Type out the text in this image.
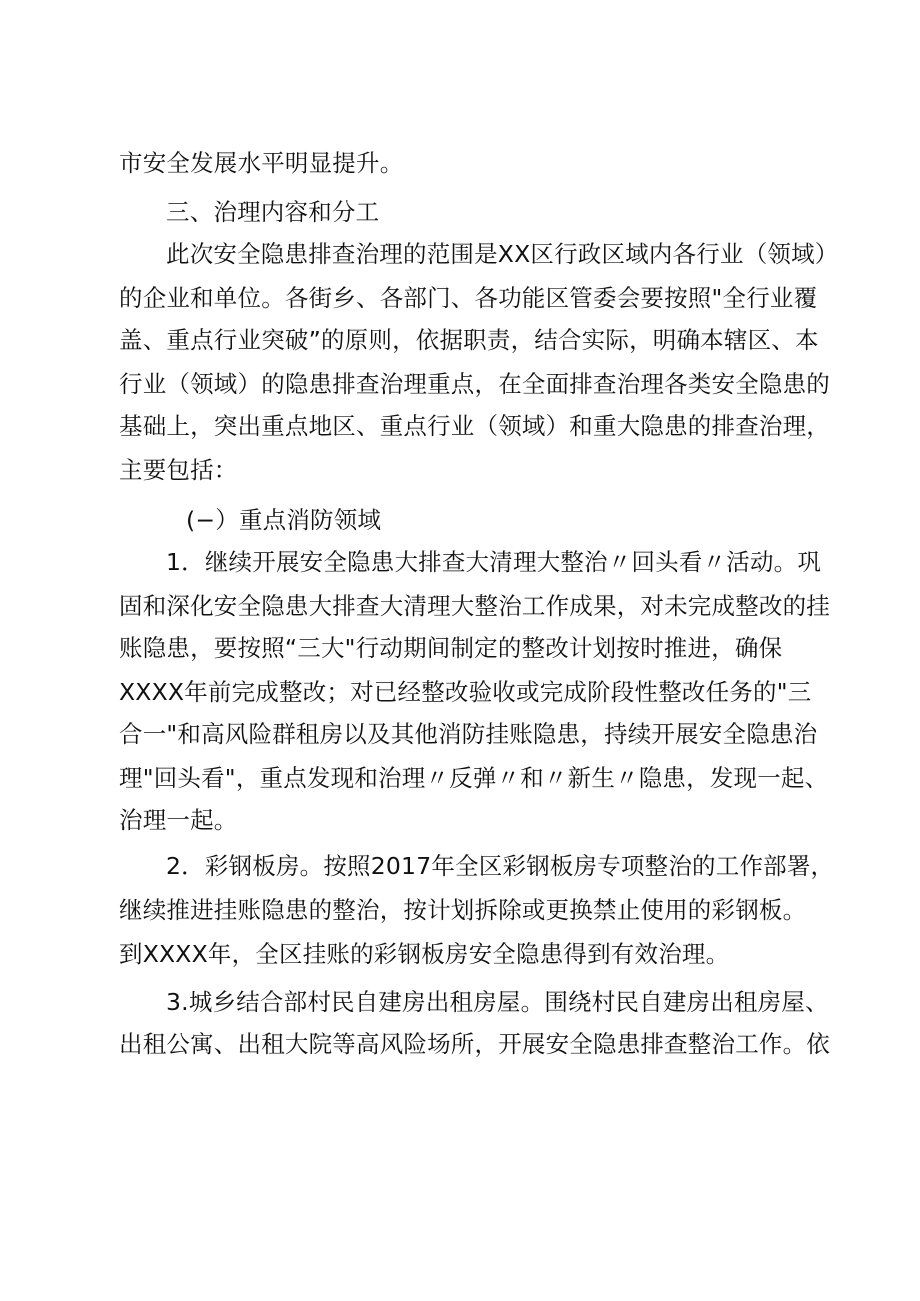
市安全发展水平明显提升。
三、治理内容和分工
此次安全隐患排查治理的范围是XX区行政区域内各行业（领域）
的企业和单位。各街乡、各部门、各功能区管委会要按照"全行业覆
盖、重点行业突破”的原则，依据职责，结合实际，明确本辖区、本
行业（领域）的隐患排查治理重点，在全面排查治理各类安全隐患的
基础上，突出重点地区、重点行业（领域）和重大隐患的排查治理，
主要包括：
(−）重点消防领域
1．继续开展安全隐患大排查大清理大整治〃回头看〃活动。巩
固和深化安全隐患大排查大清理大整治工作成果，对未完成整改的挂
账隐患，要按照“三大"行动期间制定的整改计划按时推进，确保
XXXX年前完成整改；对已经整改验收或完成阶段性整改任务的"三
合一"和高风险群租房以及其他消防挂账隐患，持续开展安全隐患治
理"回头看"，重点发现和治理〃反弹〃和〃新生〃隐患，发现一起、
治理一起。
2．彩钢板房。按照2017年全区彩钢板房专项整治的工作部署，
继续推进挂账隐患的整治，按计划拆除或更换禁止使用的彩钢板。
到XXXX年，全区挂账的彩钢板房安全隐患得到有效治理。
3.城乡结合部村民自建房出租房屋。围绕村民自建房出租房屋、
出租公寓、出租大院等高风险场所，开展安全隐患排查整治工作。依
